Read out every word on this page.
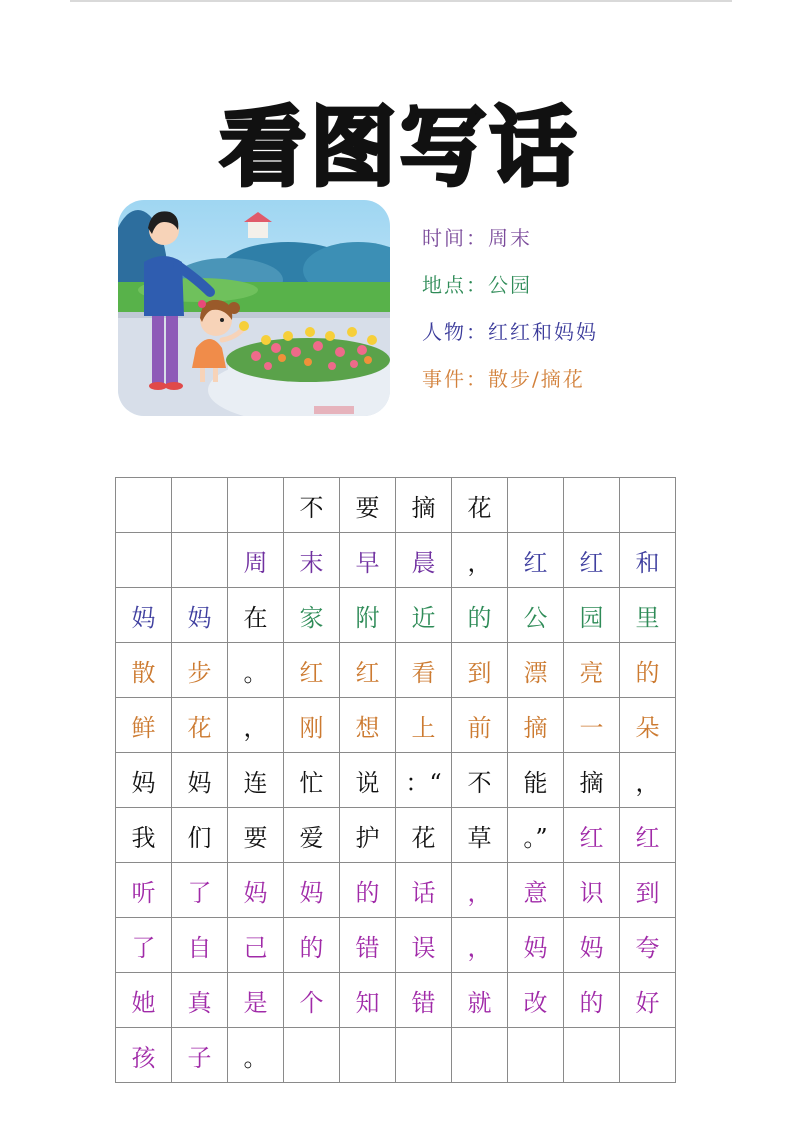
看图写话
时间：周末
地点：公园
人物：红红和妈妈
事件：散步/摘花
			不	要	摘	花			
		周	末	早	晨	，	红	红	和
妈	妈	在	家	附	近	的	公	园	里
散	步	。	红	红	看	到	漂	亮	的
鲜	花	，	刚	想	上	前	摘	一	朵
妈	妈	连	忙	说	：“	不	能	摘	，
我	们	要	爱	护	花	草	。”	红	红
听	了	妈	妈	的	话	，	意	识	到
了	自	己	的	错	误	，	妈	妈	夸
她	真	是	个	知	错	就	改	的	好
孩	子	。							
